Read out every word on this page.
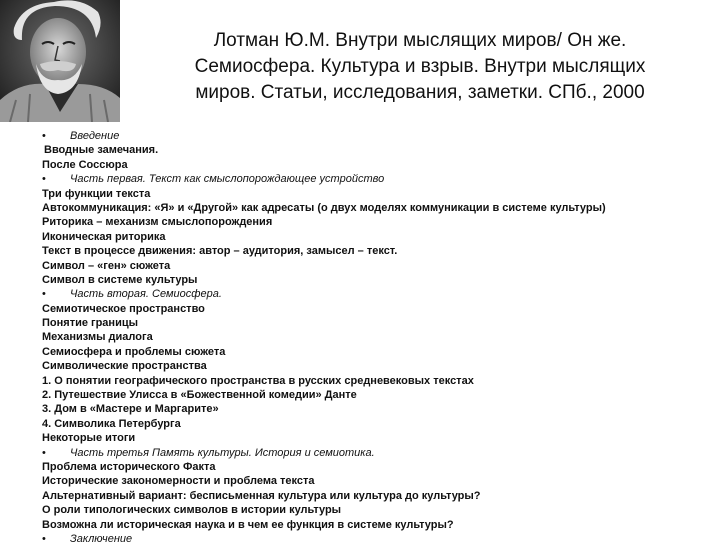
Лотман Ю.М. Внутри мыслящих миров/ Он же.
Семиосфера. Культура и взрыв. Внутри мыслящих
миров. Статьи, исследования, заметки. СПб., 2000
• Введение
Вводные замечания.
После Соссюра
• Часть первая. Текст как смыслопорождающее устройство
Три функции текста
Автокоммуникация: «Я» и «Другой» как адресаты (о двух моделях коммуникации в системе культуры)
Риторика – механизм смыслопорождения
Иконическая риторика
Текст в процессе движения: автор – аудитория, замысел – текст.
Символ – «ген» сюжета
Символ в системе культуры
• Часть вторая. Семиосфера.
Семиотическое пространство
Понятие границы
Механизмы диалога
Семиосфера и проблемы сюжета
Символические пространства
1. О понятии географического пространства в русских средневековых текстах
2. Путешествие Улисса в «Божественной комедии» Данте
3. Дом в «Мастере и Маргарите»
4. Символика Петербурга
Некоторые итоги
• Часть третья Память культуры. История и семиотика.
Проблема исторического Факта
Исторические закономерности и проблема текста
Альтернативный вариант: бесписьменная культура или культура до культуры?
О роли типологических символов в истории культуры
Возможна ли историческая наука и в чем ее функция в системе культуры?
• Заключение
